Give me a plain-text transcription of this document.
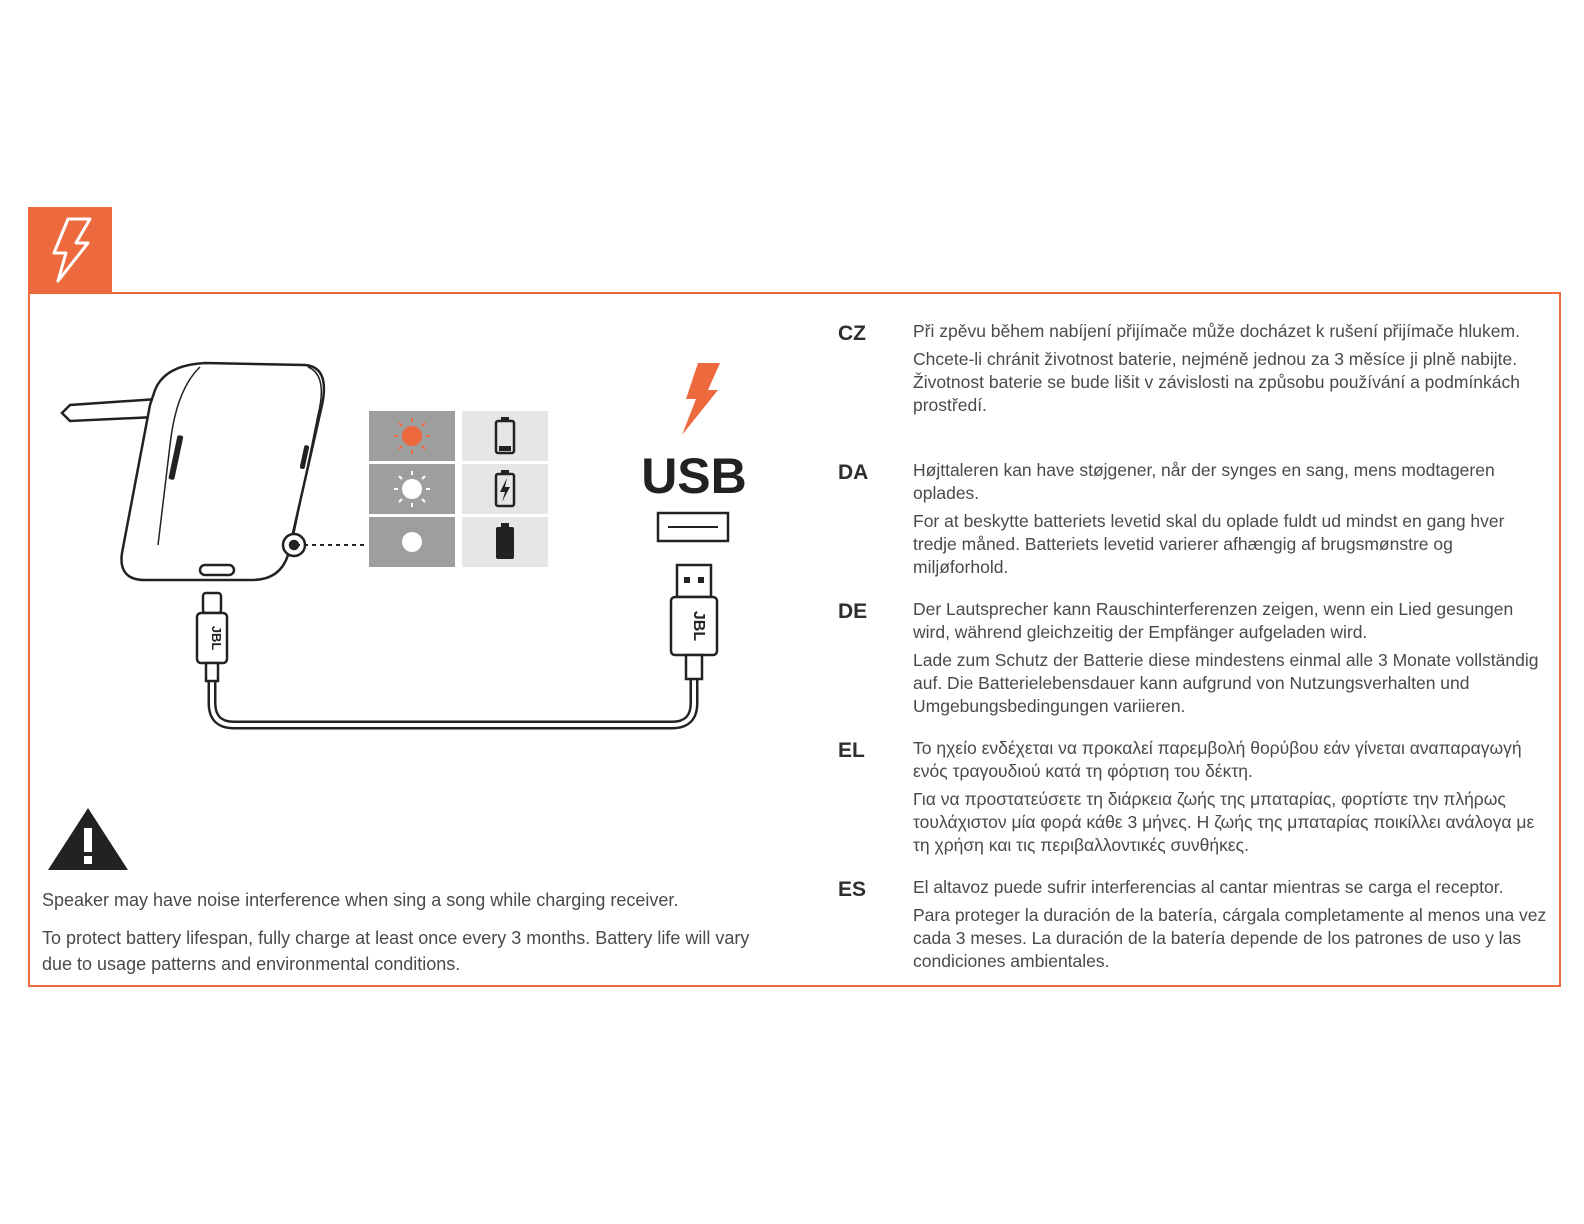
USB
JBL	JBL

Speaker may have noise interference when sing a song while charging receiver.

To protect battery lifespan, fully charge at least once every 3 months. Battery life will vary due to usage patterns and environmental conditions.

CZ	Při zpěvu během nabíjení přijímače může docházet k rušení přijímače hlukem.

Chcete-li chránit životnost baterie, nejméně jednou za 3 měsíce ji plně nabijte. Životnost baterie se bude lišit v závislosti na způsobu používání a podmínkách prostředí.

DA	Højttaleren kan have støjgener, når der synges en sang, mens modtageren oplades.

For at beskytte batteriets levetid skal du oplade fuldt ud mindst en gang hver tredje måned. Batteriets levetid varierer afhængig af brugsmønstre og miljøforhold.

DE	Der Lautsprecher kann Rauschinterferenzen zeigen, wenn ein Lied gesungen wird, während gleichzeitig der Empfänger aufgeladen wird.

Lade zum Schutz der Batterie diese mindestens einmal alle 3 Monate vollständig auf. Die Batterielebensdauer kann aufgrund von Nutzungsverhalten und Umgebungsbedingungen variieren.

EL	Το ηχείο ενδέχεται να προκαλεί παρεμβολή θορύβου εάν γίνεται αναπαραγωγή ενός τραγουδιού κατά τη φόρτιση του δέκτη.

Για να προστατεύσετε τη διάρκεια ζωής της μπαταρίας, φορτίστε την πλήρως τουλάχιστον μία φορά κάθε 3 μήνες. Η ζωής της μπαταρίας ποικίλλει ανάλογα με τη χρήση και τις περιβαλλοντικές συνθήκες.

ES	El altavoz puede sufrir interferencias al cantar mientras se carga el receptor.

Para proteger la duración de la batería, cárgala completamente al menos una vez cada 3 meses. La duración de la batería depende de los patrones de uso y las condiciones ambientales.
